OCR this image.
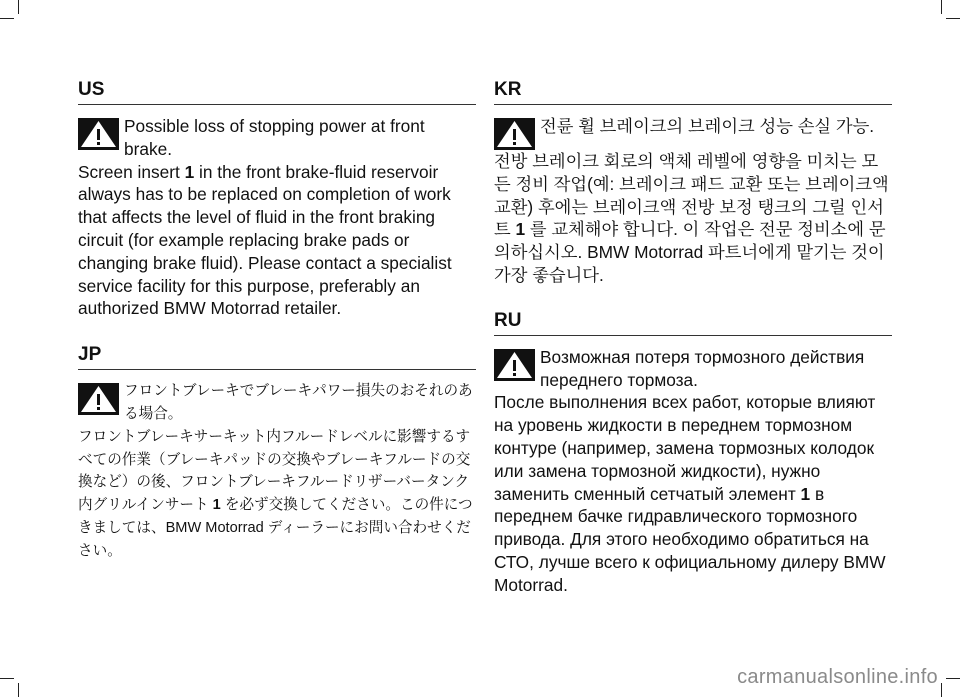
US
Possible loss of stopping power at front brake.
Screen insert 1 in the front brake-fluid reservoir always has to be replaced on completion of work that affects the level of fluid in the front braking circuit (for example replacing brake pads or changing brake fluid). Please contact a specialist service facility for this purpose, preferably an authorized BMW Motorrad retailer.
JP
フロントブレーキでブレーキパワー損失のおそれのある場合。
フロントブレーキサーキット内フルードレベルに影響するすべての作業（ブレーキパッドの交換やブレーキフルードの交換など）の後、フロントブレーキフルードリザーバータンク内グリルインサート 1 を必ず交換してください。この件につきましては、BMW Motorrad ディーラーにお問い合わせください。
KR
전륜 휠 브레이크의 브레이크 성능 손실 가능.
전방 브레이크 회로의 액체 레벨에 영향을 미치는 모든 정비 작업(예: 브레이크 패드 교환 또는 브레이크액 교환) 후에는 브레이크액 전방 보정 탱크의 그릴 인서트 1 를 교체해야 합니다. 이 작업은 전문 정비소에 문의하십시오. BMW Motorrad 파트너에게 맡기는 것이 가장 좋습니다.
RU
Возможная потеря тормозного действия переднего тормоза.
После выполнения всех работ, которые влияют на уровень жидкости в переднем тормозном контуре (например, замена тормозных колодок или замена тормозной жидкости), нужно заменить сменный сетчатый элемент 1 в переднем бачке гидравлического тормозного привода. Для этого необходимо обратиться на СТО, лучше всего к официальному дилеру BMW Motorrad.
carmanualsonline.info
